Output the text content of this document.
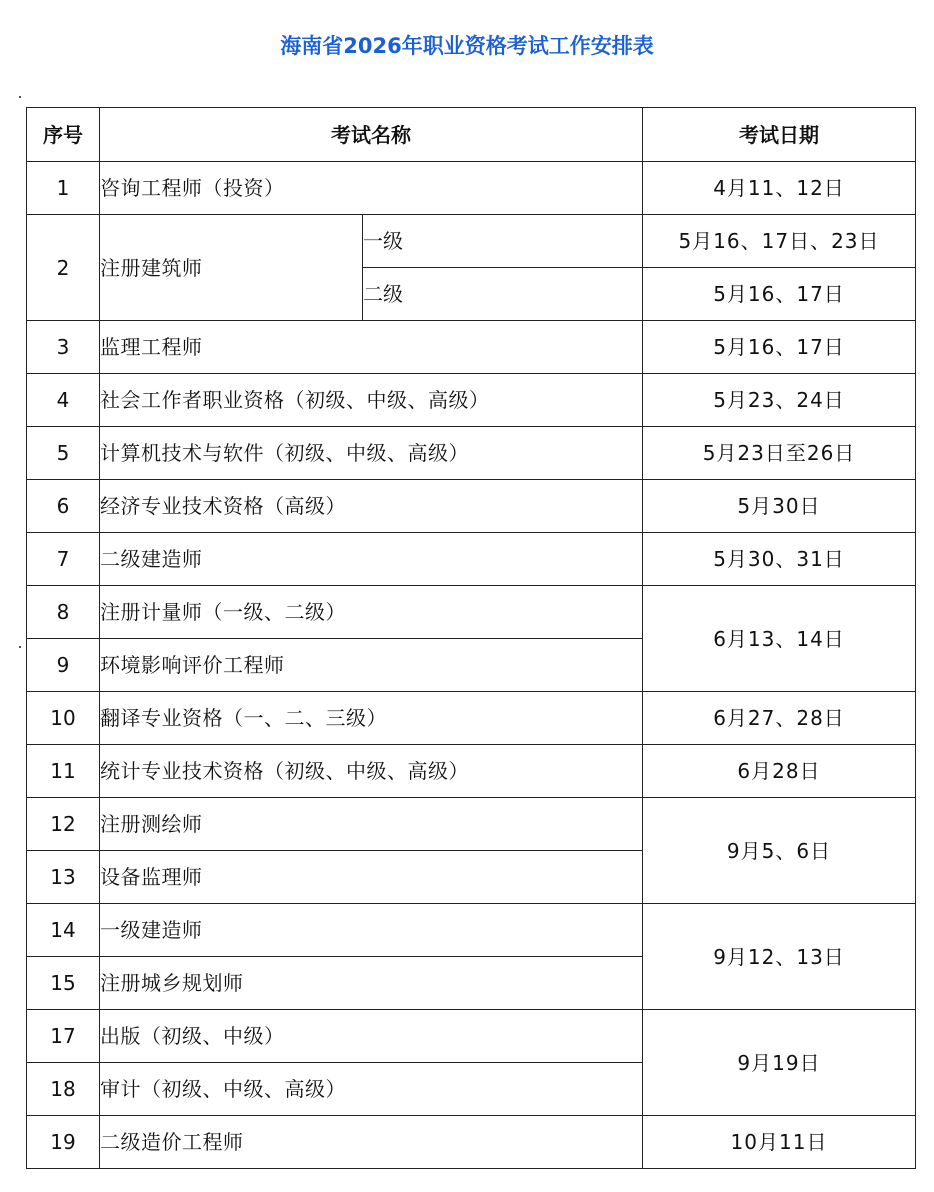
海南省2026年职业资格考试工作安排表
序号	考试名称		考试日期
1	咨询工程师（投资）		4月11、12日
2	注册建筑师	一级	5月16、17日、23日
		二级	5月16、17日
3	监理工程师		5月16、17日
4	社会工作者职业资格（初级、中级、高级）		5月23、24日
5	计算机技术与软件（初级、中级、高级）		5月23日至26日
6	经济专业技术资格（高级）		5月30日
7	二级建造师		5月30、31日
8	注册计量师（一级、二级）		6月13、14日
9	环境影响评价工程师		
10	翻译专业资格（一、二、三级）		6月27、28日
11	统计专业技术资格（初级、中级、高级）		6月28日
12	注册测绘师		9月5、6日
13	设备监理师		
14	一级建造师		9月12、13日
15	注册城乡规划师		
17	出版（初级、中级）		9月19日
18	审计（初级、中级、高级）		
19	二级造价工程师		10月11日
